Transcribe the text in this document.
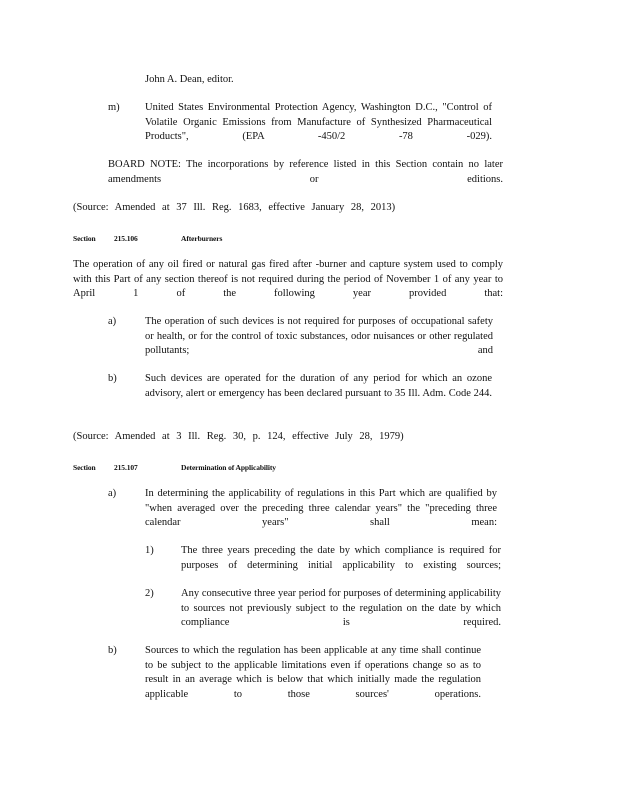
John A. Dean, editor.
m) United States Environmental Protection Agency, Washington D.C., "Control of Volatile Organic Emissions from Manufacture of Synthesized Pharmaceutical Products", (EPA -450/2 -78 -029).
BOARD NOTE: The incorporations by reference listed in this Section contain no later amendments or editions.
(Source: Amended at 37 Ill. Reg. 1683, effective January 28, 2013)
Section 215.106	Afterburners
The operation of any oil fired or natural gas fired after -burner and capture system used to comply with this Part of any section thereof is not required during the period of November 1 of any year to April 1 of the following year provided that:
a)	The operation of such devices is not required for purposes of occupational safety or health, or for the control of toxic substances, odor nuisances or other regulated pollutants; and
b)	Such devices are operated for the duration of any period for which an ozone advisory, alert or emergency has been declared pursuant to 35 Ill. Adm. Code 244.
(Source: Amended at 3 Ill. Reg. 30, p. 124, effective July 28, 1979)
Section 215.107	Determination of Applicability
a)	In determining the applicability of regulations in this Part which are qualified by "when averaged over the preceding three calendar years" the "preceding three calendar years" shall mean:
1)	The three years preceding the date by which compliance is required for purposes of determining initial applicability to existing sources;
2)	Any consecutive three year period for purposes of determining applicability to sources not previously subject to the regulation on the date by which compliance is required.
b)	Sources to which the regulation has been applicable at any time shall continue to be subject to the applicable limitations even if operations change so as to result in an average which is below that which initially made the regulation applicable to those sources' operations.
